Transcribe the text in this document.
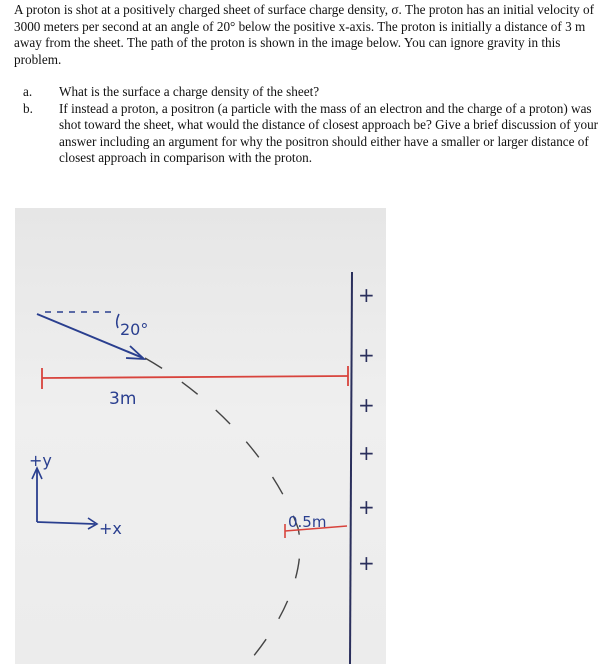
A proton is shot at a positively charged sheet of surface charge density, σ. The proton has an initial velocity of 3000 meters per second at an angle of 20° below the positive x-axis. The proton is initially a distance of 3 m away from the sheet. The path of the proton is shown in the image below. You can ignore gravity in this problem.

a. What is the surface a charge density of the sheet?
b. If instead a proton, a positron (a particle with the mass of an electron and the charge of a proton) was shot toward the sheet, what would the distance of closest approach be? Give a brief discussion of your answer including an argument for why the positron should either have a smaller or larger distance of closest approach in comparison with the proton.
20°
3m
0.5m
+y
+x
+
+
+
+
+
+
